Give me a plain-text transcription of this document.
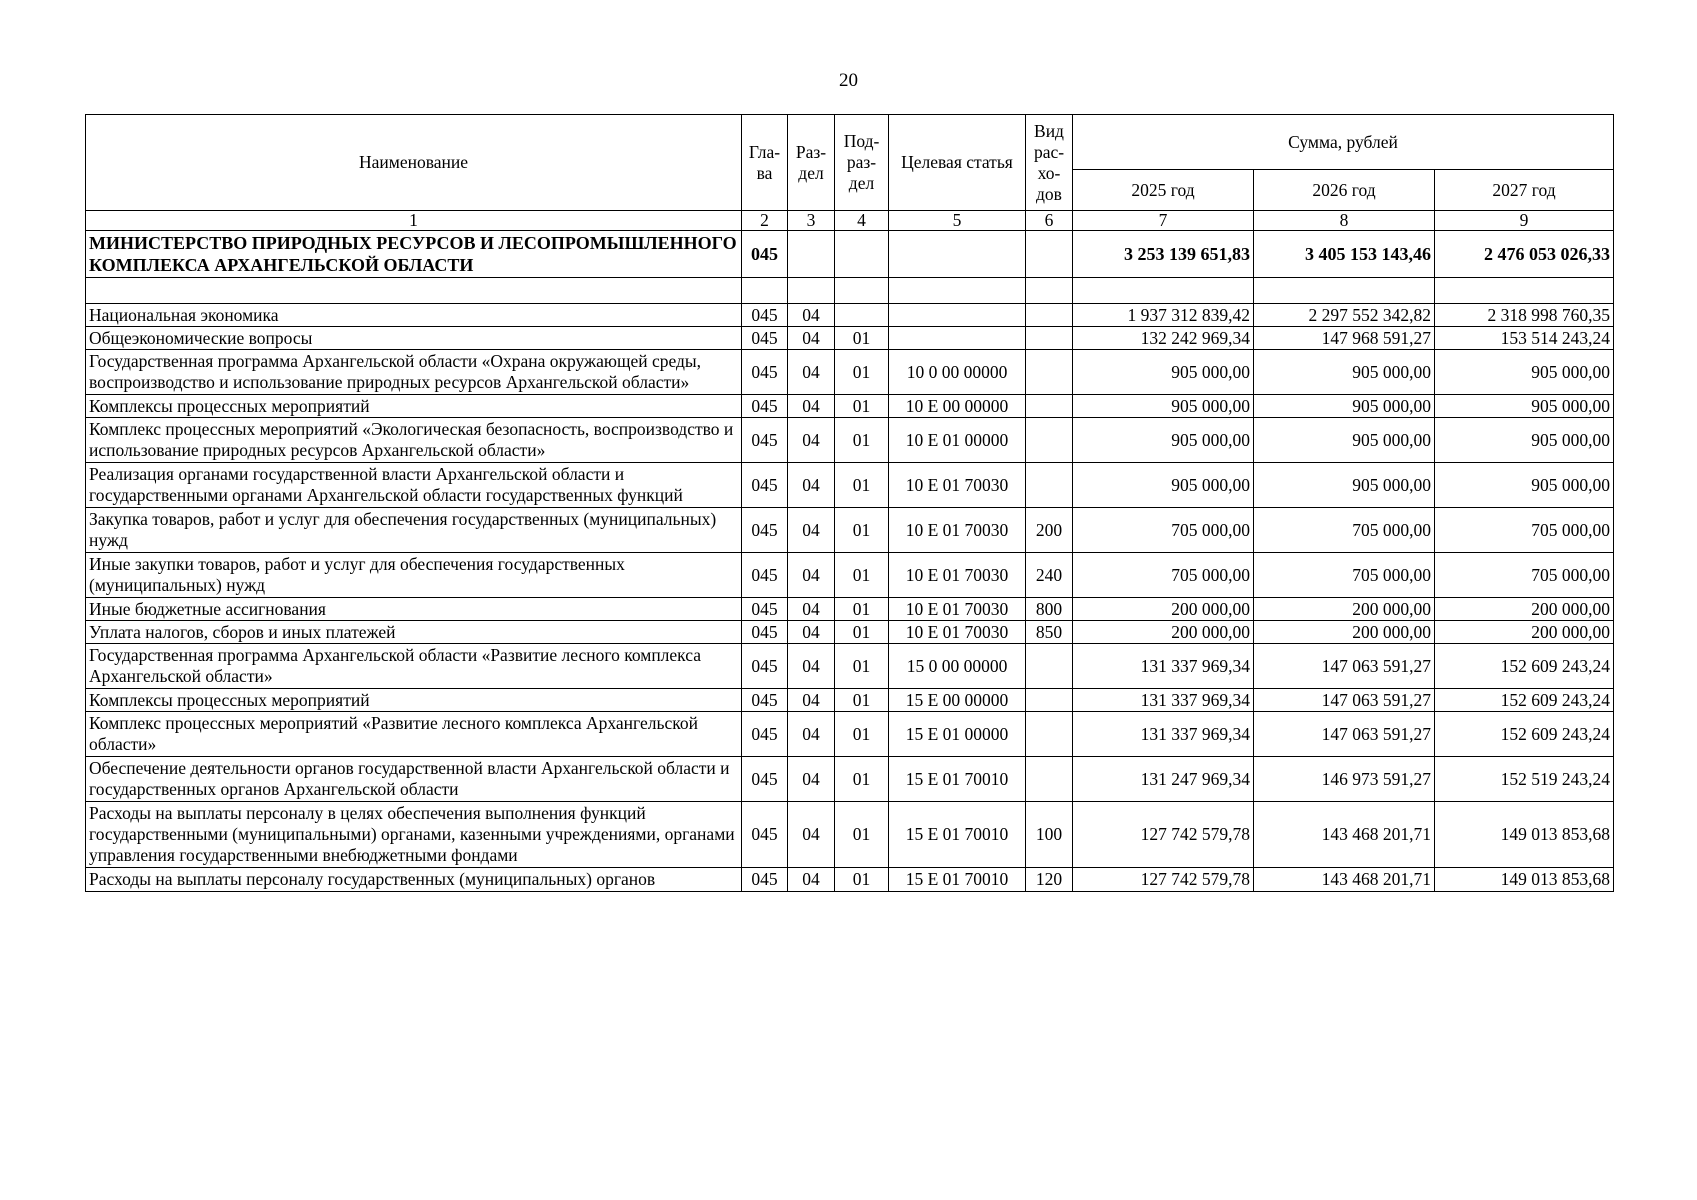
20
Наименование	Гла-ва	Раз-дел	Под-раз-дел	Целевая статья	Вид рас-хо-дов	Сумма, рублей		
						2025 год	2026 год	2027 год
1	2	3	4	5	6	7	8	9
МИНИСТЕРСТВО ПРИРОДНЫХ РЕСУРСОВ И ЛЕСОПРОМЫШЛЕННОГО КОМПЛЕКСА АРХАНГЕЛЬСКОЙ ОБЛАСТИ	045					3 253 139 651,83	3 405 153 143,46	2 476 053 026,33

Национальная экономика	045	04				1 937 312 839,42	2 297 552 342,82	2 318 998 760,35
Общеэкономические вопросы	045	04	01			132 242 969,34	147 968 591,27	153 514 243,24
Государственная программа Архангельской области «Охрана окружающей среды, воспроизводство и использование природных ресурсов Архангельской области»	045	04	01	10 0 00 00000		905 000,00	905 000,00	905 000,00
Комплексы процессных мероприятий	045	04	01	10 Е 00 00000		905 000,00	905 000,00	905 000,00
Комплекс процессных мероприятий «Экологическая безопасность, воспроизводство и использование природных ресурсов Архангельской области»	045	04	01	10 Е 01 00000		905 000,00	905 000,00	905 000,00
Реализация органами государственной власти Архангельской области и государственными органами Архангельской области государственных функций	045	04	01	10 Е 01 70030		905 000,00	905 000,00	905 000,00
Закупка товаров, работ и услуг для обеспечения государственных (муниципальных) нужд	045	04	01	10 Е 01 70030	200	705 000,00	705 000,00	705 000,00
Иные закупки товаров, работ и услуг для обеспечения государственных (муниципальных) нужд	045	04	01	10 Е 01 70030	240	705 000,00	705 000,00	705 000,00
Иные бюджетные ассигнования	045	04	01	10 Е 01 70030	800	200 000,00	200 000,00	200 000,00
Уплата налогов, сборов и иных платежей	045	04	01	10 Е 01 70030	850	200 000,00	200 000,00	200 000,00
Государственная программа Архангельской области «Развитие лесного комплекса Архангельской области»	045	04	01	15 0 00 00000		131 337 969,34	147 063 591,27	152 609 243,24
Комплексы процессных мероприятий	045	04	01	15 Е 00 00000		131 337 969,34	147 063 591,27	152 609 243,24
Комплекс процессных мероприятий «Развитие лесного комплекса Архангельской области»	045	04	01	15 Е 01 00000		131 337 969,34	147 063 591,27	152 609 243,24
Обеспечение деятельности органов государственной власти Архангельской области и государственных органов Архангельской области	045	04	01	15 Е 01 70010		131 247 969,34	146 973 591,27	152 519 243,24
Расходы на выплаты персоналу в целях обеспечения выполнения функций государственными (муниципальными) органами, казенными учреждениями, органами управления государственными внебюджетными фондами	045	04	01	15 Е 01 70010	100	127 742 579,78	143 468 201,71	149 013 853,68
Расходы на выплаты персоналу государственных (муниципальных) органов	045	04	01	15 Е 01 70010	120	127 742 579,78	143 468 201,71	149 013 853,68
